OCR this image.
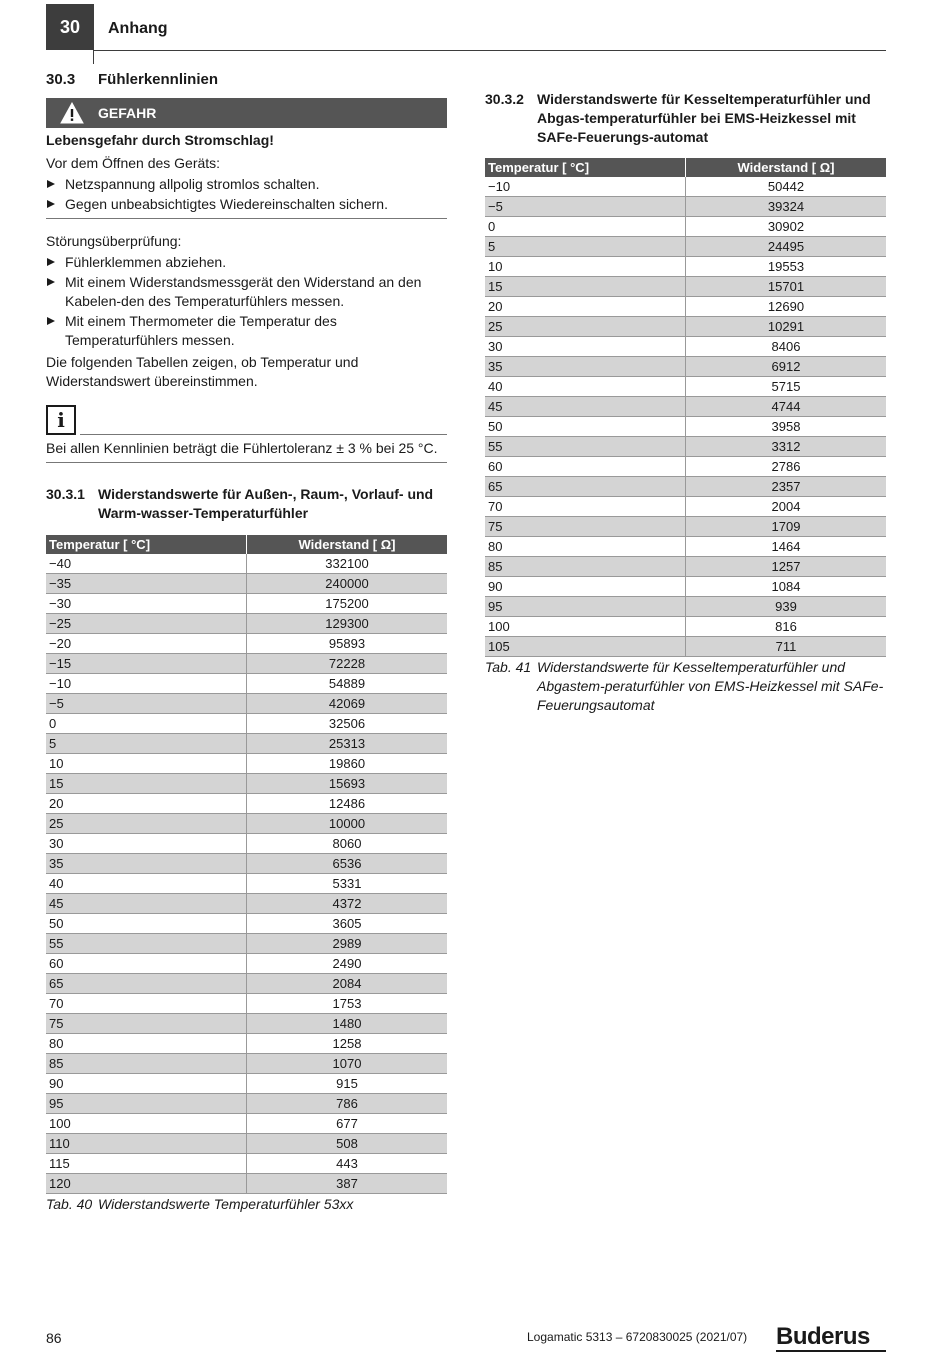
30	Anhang
30.3	Fühlerkennlinien
GEFAHR
Lebensgefahr durch Stromschlag!

Vor dem Öffnen des Geräts:

Netzspannung allpolig stromlos schalten.
Gegen unbeabsichtigtes Wiedereinschalten sichern.

Störungsüberprüfung:

Fühlerklemmen abziehen.
Mit einem Widerstandsmessgerät den Widerstand an den Kabelen-den des Temperaturfühlers messen.
Mit einem Thermometer die Temperatur des Temperaturfühlers messen.

Die folgenden Tabellen zeigen, ob Temperatur und Widerstandswert übereinstimmen.

i

Bei allen Kennlinien beträgt die Fühlertoleranz ± 3 % bei 25 °C.

30.3.1 Widerstandswerte für Außen-, Raum-, Vorlauf- und Warm-wasser-Temperaturfühler
Temperatur [ °C]	Widerstand [ Ω]
−40	332100
−35	240000
−30	175200
−25	129300
−20	95893
−15	72228
−10	54889
−5	42069
0	32506
5	25313
10	19860
15	15693
20	12486
25	10000
30	8060
35	6536
40	5331
45	4372
50	3605
55	2989
60	2490
65	2084
70	1753
75	1480
80	1258
85	1070
90	915
95	786
100	677
110	508
115	443
120	387
Tab. 40 Widerstandswerte Temperaturfühler 53xx
30.3.2 Widerstandswerte für Kesseltemperaturfühler und Abgas-temperaturfühler bei EMS-Heizkessel mit SAFe-Feuerungs-automat
Temperatur [ °C]	Widerstand [ Ω]
−10	50442
−5	39324
0	30902
5	24495
10	19553
15	15701
20	12690
25	10291
30	8406
35	6912
40	5715
45	4744
50	3958
55	3312
60	2786
65	2357
70	2004
75	1709
80	1464
85	1257
90	1084
95	939
100	816
105	711
Tab. 41 Widerstandswerte für Kesseltemperaturfühler und Abgastem-peraturfühler von EMS-Heizkessel mit SAFe-Feuerungsautomat
86	Logamatic 5313 – 6720830025 (2021/07) Buderus
